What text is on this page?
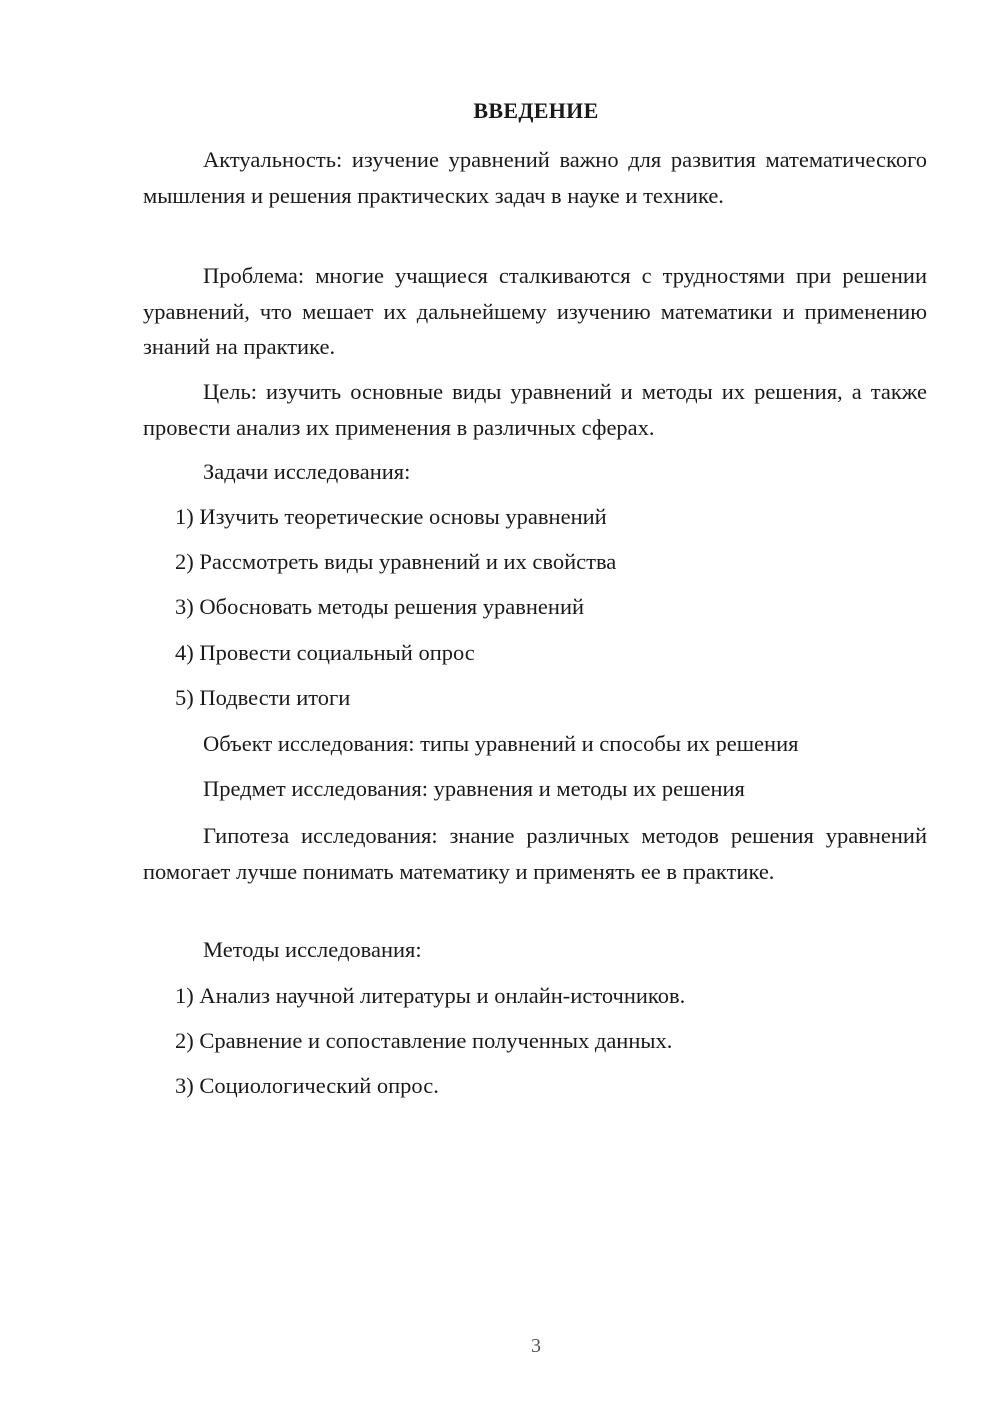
ВВЕДЕНИЕ

Актуальность: изучение уравнений важно для развития математического мышления и решения практических задач в науке и технике.

Проблема: многие учащиеся сталкиваются с трудностями при решении уравнений, что мешает их дальнейшему изучению математики и применению знаний на практике.

Цель: изучить основные виды уравнений и методы их решения, а также провести анализ их применения в различных сферах.

Задачи исследования:

1) Изучить теоретические основы уравнений

2) Рассмотреть виды уравнений и их свойства

3) Обосновать методы решения уравнений

4) Провести социальный опрос

5) Подвести итоги

Объект исследования: типы уравнений и способы их решения

Предмет исследования: уравнения и методы их решения

Гипотеза исследования: знание различных методов решения уравнений помогает лучше понимать математику и применять ее в практике.

Методы исследования:

1) Анализ научной литературы и онлайн-источников.

2) Сравнение и сопоставление полученных данных.

3) Социологический опрос.

3
